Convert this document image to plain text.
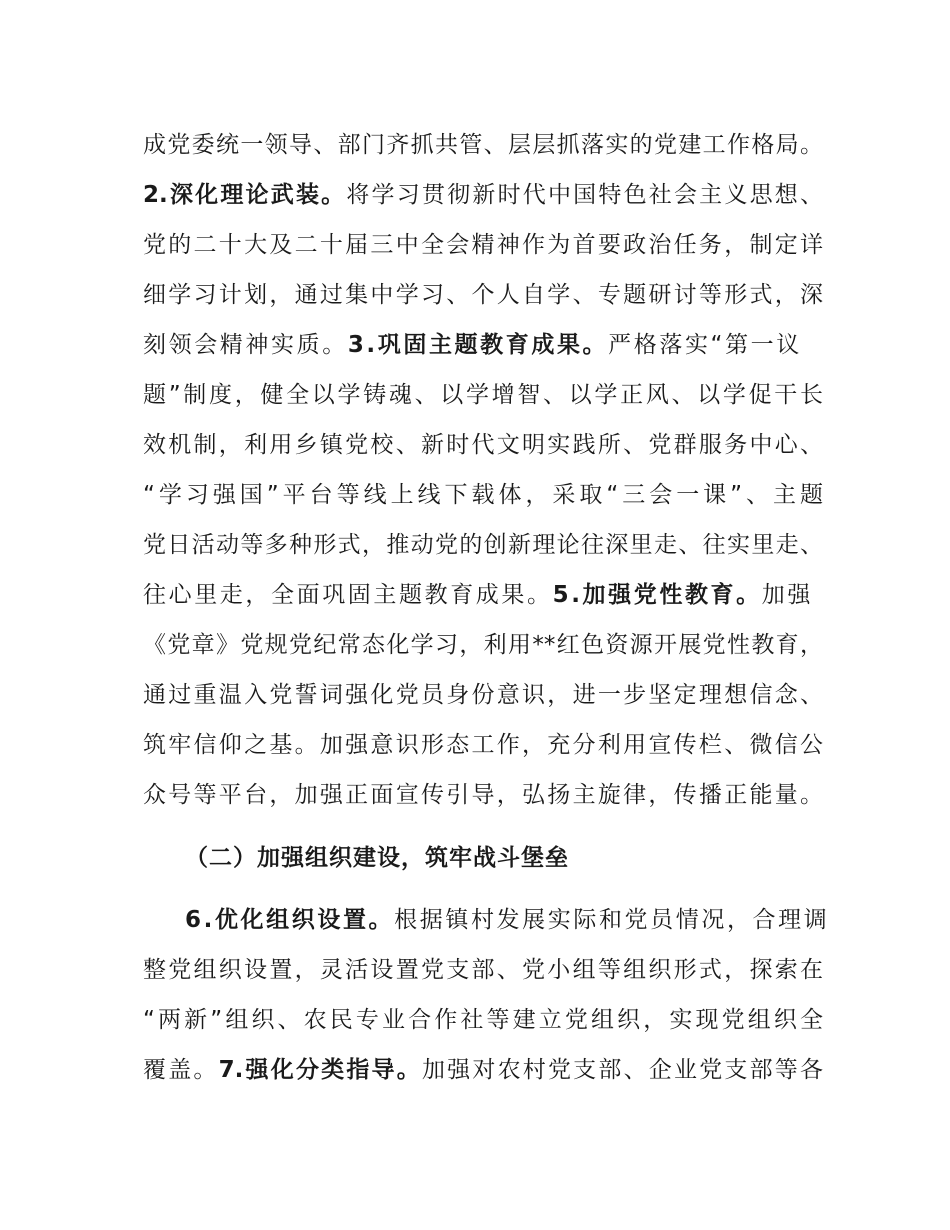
成党委统一领导、部门齐抓共管、层层抓落实的党建工作格局。
2.深化理论武装。将学习贯彻新时代中国特色社会主义思想、
党的二十大及二十届三中全会精神作为首要政治任务，制定详
细学习计划，通过集中学习、个人自学、专题研讨等形式，深
刻领会精神实质。3.巩固主题教育成果。严格落实“第一议
题”制度，健全以学铸魂、以学增智、以学正风、以学促干长
效机制，利用乡镇党校、新时代文明实践所、党群服务中心、
“学习强国”平台等线上线下载体，采取“三会一课”、主题
党日活动等多种形式，推动党的创新理论往深里走、往实里走、
往心里走，全面巩固主题教育成果。5.加强党性教育。加强
《党章》党规党纪常态化学习，利用**红色资源开展党性教育，
通过重温入党誓词强化党员身份意识，进一步坚定理想信念、
筑牢信仰之基。加强意识形态工作，充分利用宣传栏、微信公
众号等平台，加强正面宣传引导，弘扬主旋律，传播正能量。
（二）加强组织建设，筑牢战斗堡垒
6.优化组织设置。根据镇村发展实际和党员情况，合理调
整党组织设置，灵活设置党支部、党小组等组织形式，探索在
“两新”组织、农民专业合作社等建立党组织，实现党组织全
覆盖。7.强化分类指导。加强对农村党支部、企业党支部等各
